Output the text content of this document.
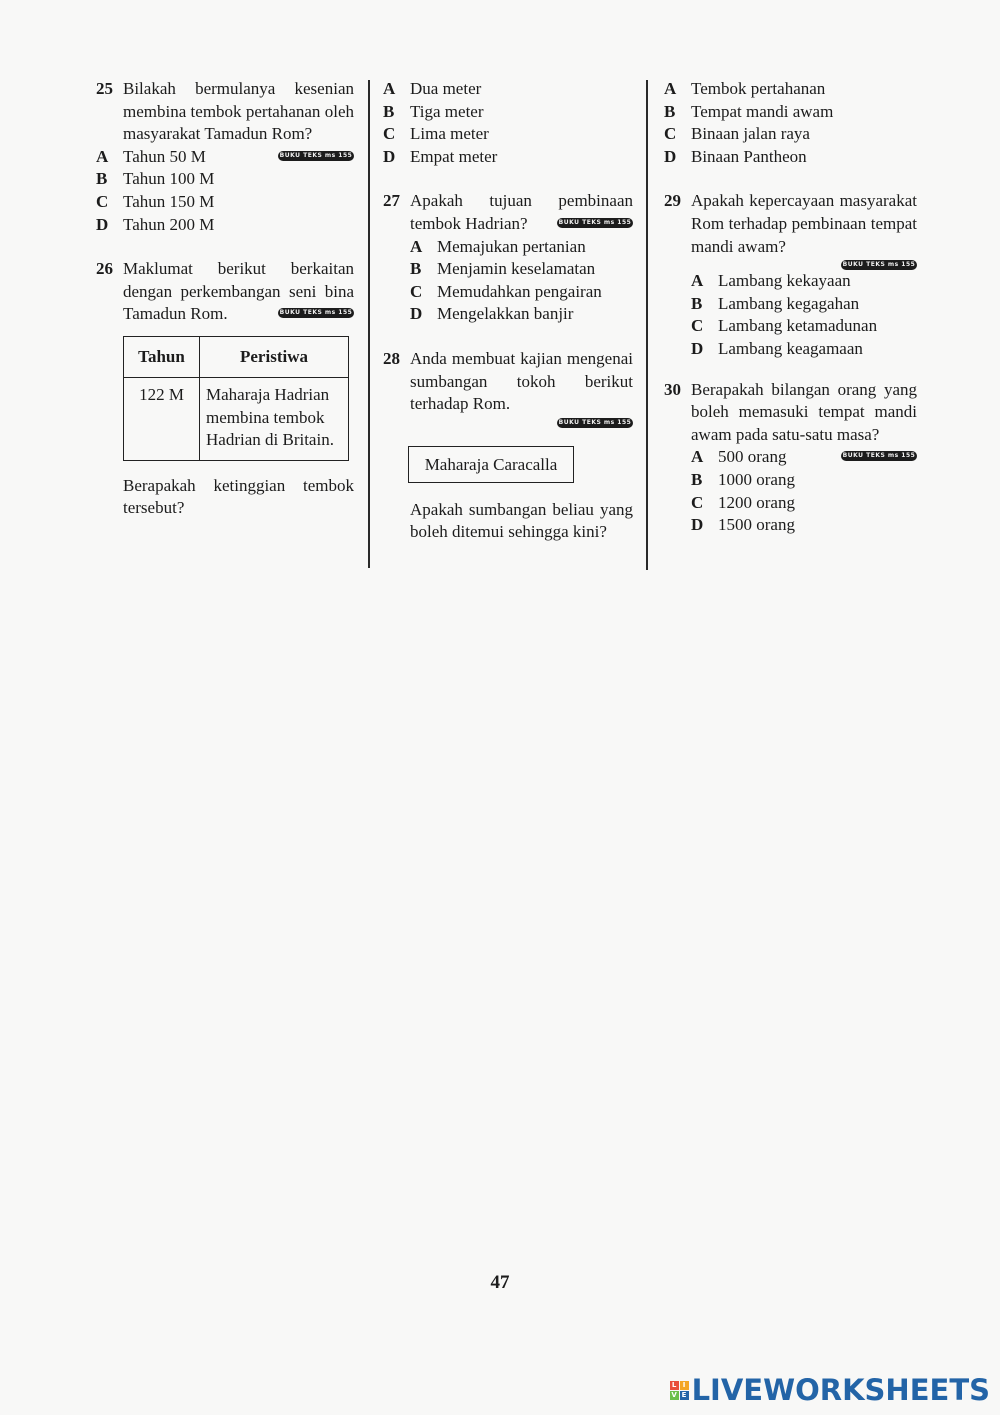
25 Bilakah bermulanya kesenian membina tembok pertahanan oleh masyarakat Tamadun Rom?
BUKU TEKS ms 155
A Tahun 50 M
B Tahun 100 M
C Tahun 150 M
D Tahun 200 M
26 Maklumat berikut berkaitan dengan perkembangan seni bina Tamadun Rom.	BUKU TEKS ms 155
Tahun	Peristiwa
122 M	Maharaja Hadrian membina tembok Hadrian di Britain.
Berapakah ketinggian tembok tersebut?
A Dua meter
B Tiga meter
C Lima meter
D Empat meter
27 Apakah tujuan pembinaan tembok Hadrian?	BUKU TEKS ms 155
A Memajukan pertanian
B Menjamin keselamatan
C Memudahkan pengairan
D Mengelakkan banjir
28 Anda membuat kajian mengenai sumbangan tokoh berikut terhadap Rom.
BUKU TEKS ms 155
Maharaja Caracalla
Apakah sumbangan beliau yang boleh ditemui sehingga kini?
A Tembok pertahanan
B Tempat mandi awam
C Binaan jalan raya
D Binaan Pantheon
29 Apakah kepercayaan masyarakat Rom terhadap pembinaan tempat mandi awam?
BUKU TEKS ms 155
A Lambang kekayaan
B Lambang kegagahan
C Lambang ketamadunan
D Lambang keagamaan
30 Berapakah bilangan orang yang boleh memasuki tempat mandi awam pada satu-satu masa?
BUKU TEKS ms 155
A 500 orang
B 1000 orang
C 1200 orang
D 1500 orang
47
L I
V E LIVEWORKSHEETS
